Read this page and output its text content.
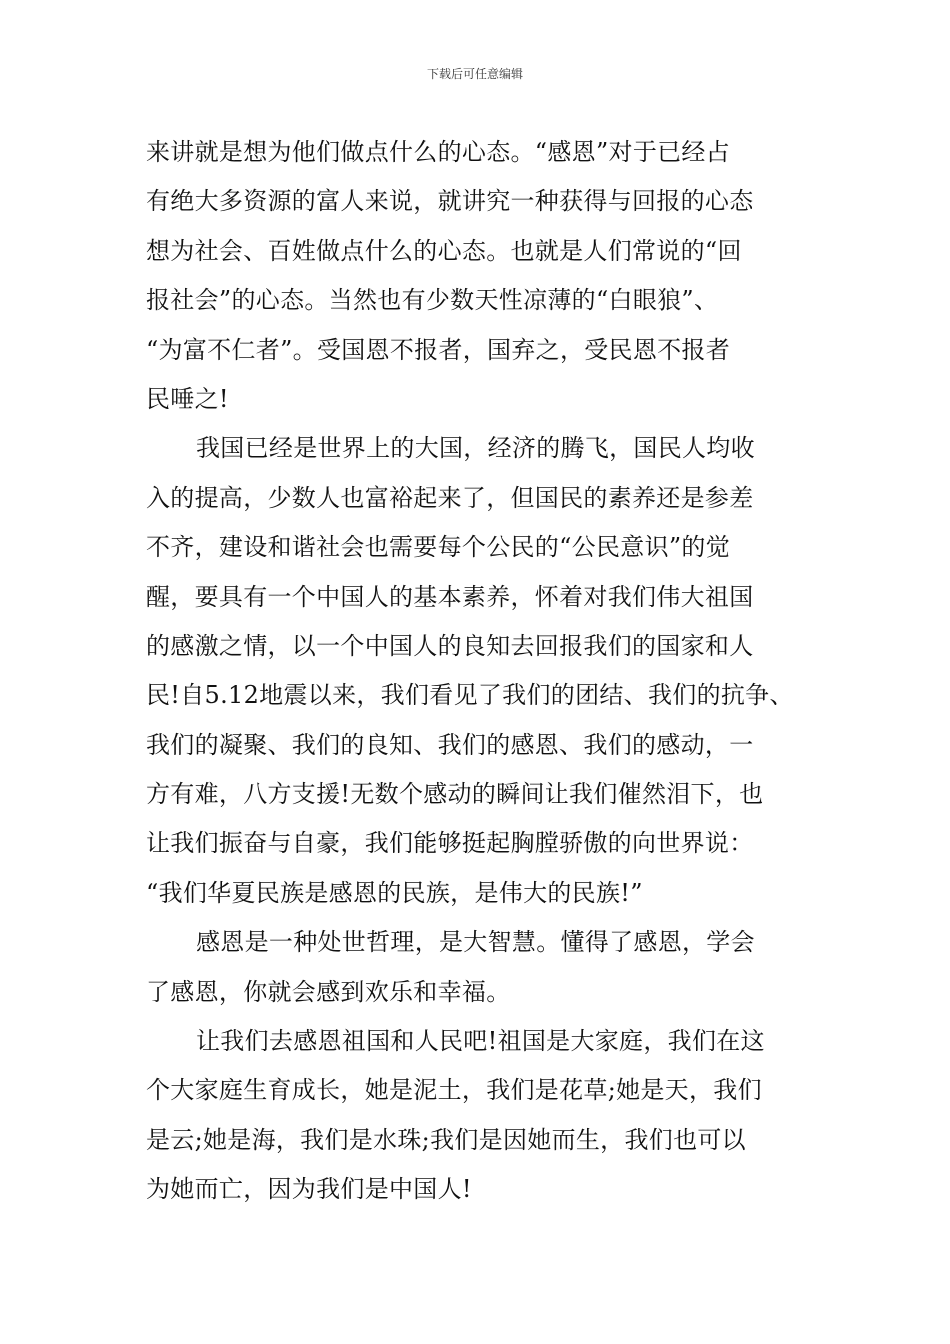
下载后可任意编辑
来讲就是想为他们做点什么的心态。“感恩”对于已经占
有绝大多资源的富人来说，就讲究一种获得与回报的心态
想为社会、百姓做点什么的心态。也就是人们常说的“回
报社会”的心态。当然也有少数天性凉薄的“白眼狼”、
“为富不仁者”。受国恩不报者，国弃之，受民恩不报者
民唾之!
我国已经是世界上的大国，经济的腾飞，国民人均收
入的提高，少数人也富裕起来了，但国民的素养还是参差
不齐，建设和谐社会也需要每个公民的“公民意识”的觉
醒，要具有一个中国人的基本素养，怀着对我们伟大祖国
的感激之情，以一个中国人的良知去回报我们的国家和人
民!自5.12地震以来，我们看见了我们的团结、我们的抗争、
我们的凝聚、我们的良知、我们的感恩、我们的感动，一
方有难，八方支援!无数个感动的瞬间让我们催然泪下，也
让我们振奋与自豪，我们能够挺起胸膛骄傲的向世界说：
“我们华夏民族是感恩的民族，是伟大的民族!”
感恩是一种处世哲理，是大智慧。懂得了感恩，学会
了感恩，你就会感到欢乐和幸福。
让我们去感恩祖国和人民吧!祖国是大家庭，我们在这
个大家庭生育成长，她是泥土，我们是花草;她是天，我们
是云;她是海，我们是水珠;我们是因她而生，我们也可以
为她而亡，因为我们是中国人!
